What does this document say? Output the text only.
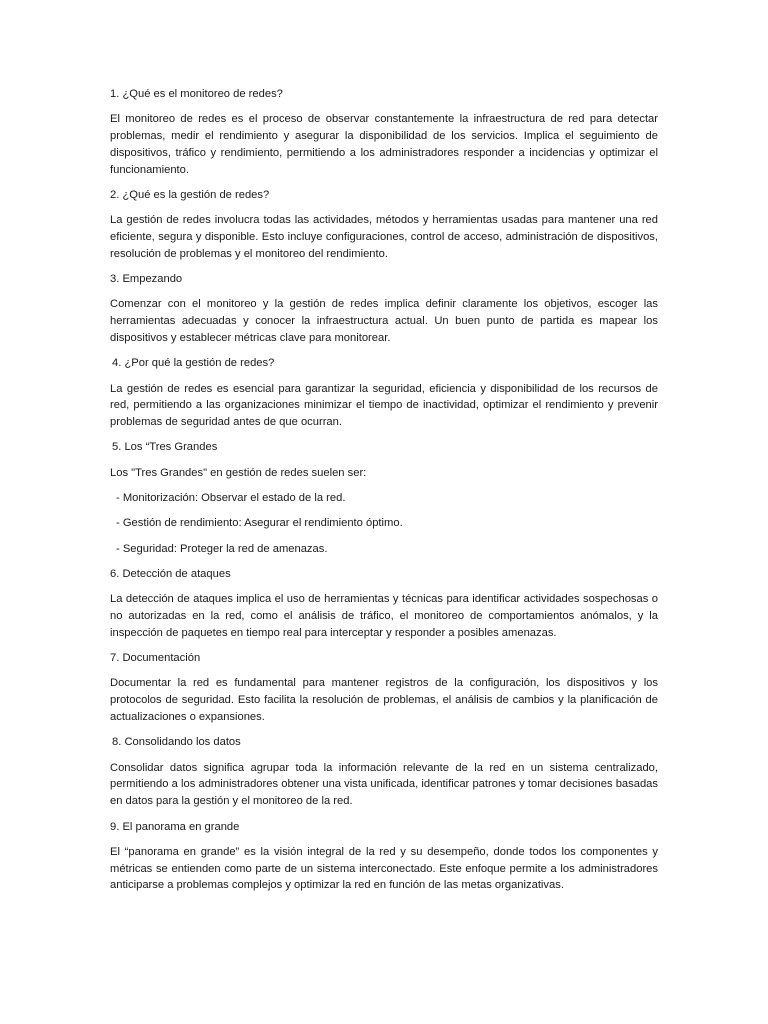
1. ¿Qué es el monitoreo de redes?
El monitoreo de redes es el proceso de observar constantemente la infraestructura de red para detectar problemas, medir el rendimiento y asegurar la disponibilidad de los servicios. Implica el seguimiento de dispositivos, tráfico y rendimiento, permitiendo a los administradores responder a incidencias y optimizar el funcionamiento.
2. ¿Qué es la gestión de redes?
La gestión de redes involucra todas las actividades, métodos y herramientas usadas para mantener una red eficiente, segura y disponible. Esto incluye configuraciones, control de acceso, administración de dispositivos, resolución de problemas y el monitoreo del rendimiento.
3. Empezando
Comenzar con el monitoreo y la gestión de redes implica definir claramente los objetivos, escoger las herramientas adecuadas y conocer la infraestructura actual. Un buen punto de partida es mapear los dispositivos y establecer métricas clave para monitorear.
4. ¿Por qué la gestión de redes?
La gestión de redes es esencial para garantizar la seguridad, eficiencia y disponibilidad de los recursos de red, permitiendo a las organizaciones minimizar el tiempo de inactividad, optimizar el rendimiento y prevenir problemas de seguridad antes de que ocurran.
5. Los “Tres Grandes
Los "Tres Grandes" en gestión de redes suelen ser:
- Monitorización: Observar el estado de la red.
- Gestión de rendimiento: Asegurar el rendimiento óptimo.
- Seguridad: Proteger la red de amenazas.
6. Detección de ataques
La detección de ataques implica el uso de herramientas y técnicas para identificar actividades sospechosas o no autorizadas en la red, como el análisis de tráfico, el monitoreo de comportamientos anómalos, y la inspección de paquetes en tiempo real para interceptar y responder a posibles amenazas.
7. Documentación
Documentar la red es fundamental para mantener registros de la configuración, los dispositivos y los protocolos de seguridad. Esto facilita la resolución de problemas, el análisis de cambios y la planificación de actualizaciones o expansiones.
8. Consolidando los datos
Consolidar datos significa agrupar toda la información relevante de la red en un sistema centralizado, permitiendo a los administradores obtener una vista unificada, identificar patrones y tomar decisiones basadas en datos para la gestión y el monitoreo de la red.
9. El panorama en grande
El “panorama en grande” es la visión integral de la red y su desempeño, donde todos los componentes y métricas se entienden como parte de un sistema interconectado. Este enfoque permite a los administradores anticiparse a problemas complejos y optimizar la red en función de las metas organizativas.
